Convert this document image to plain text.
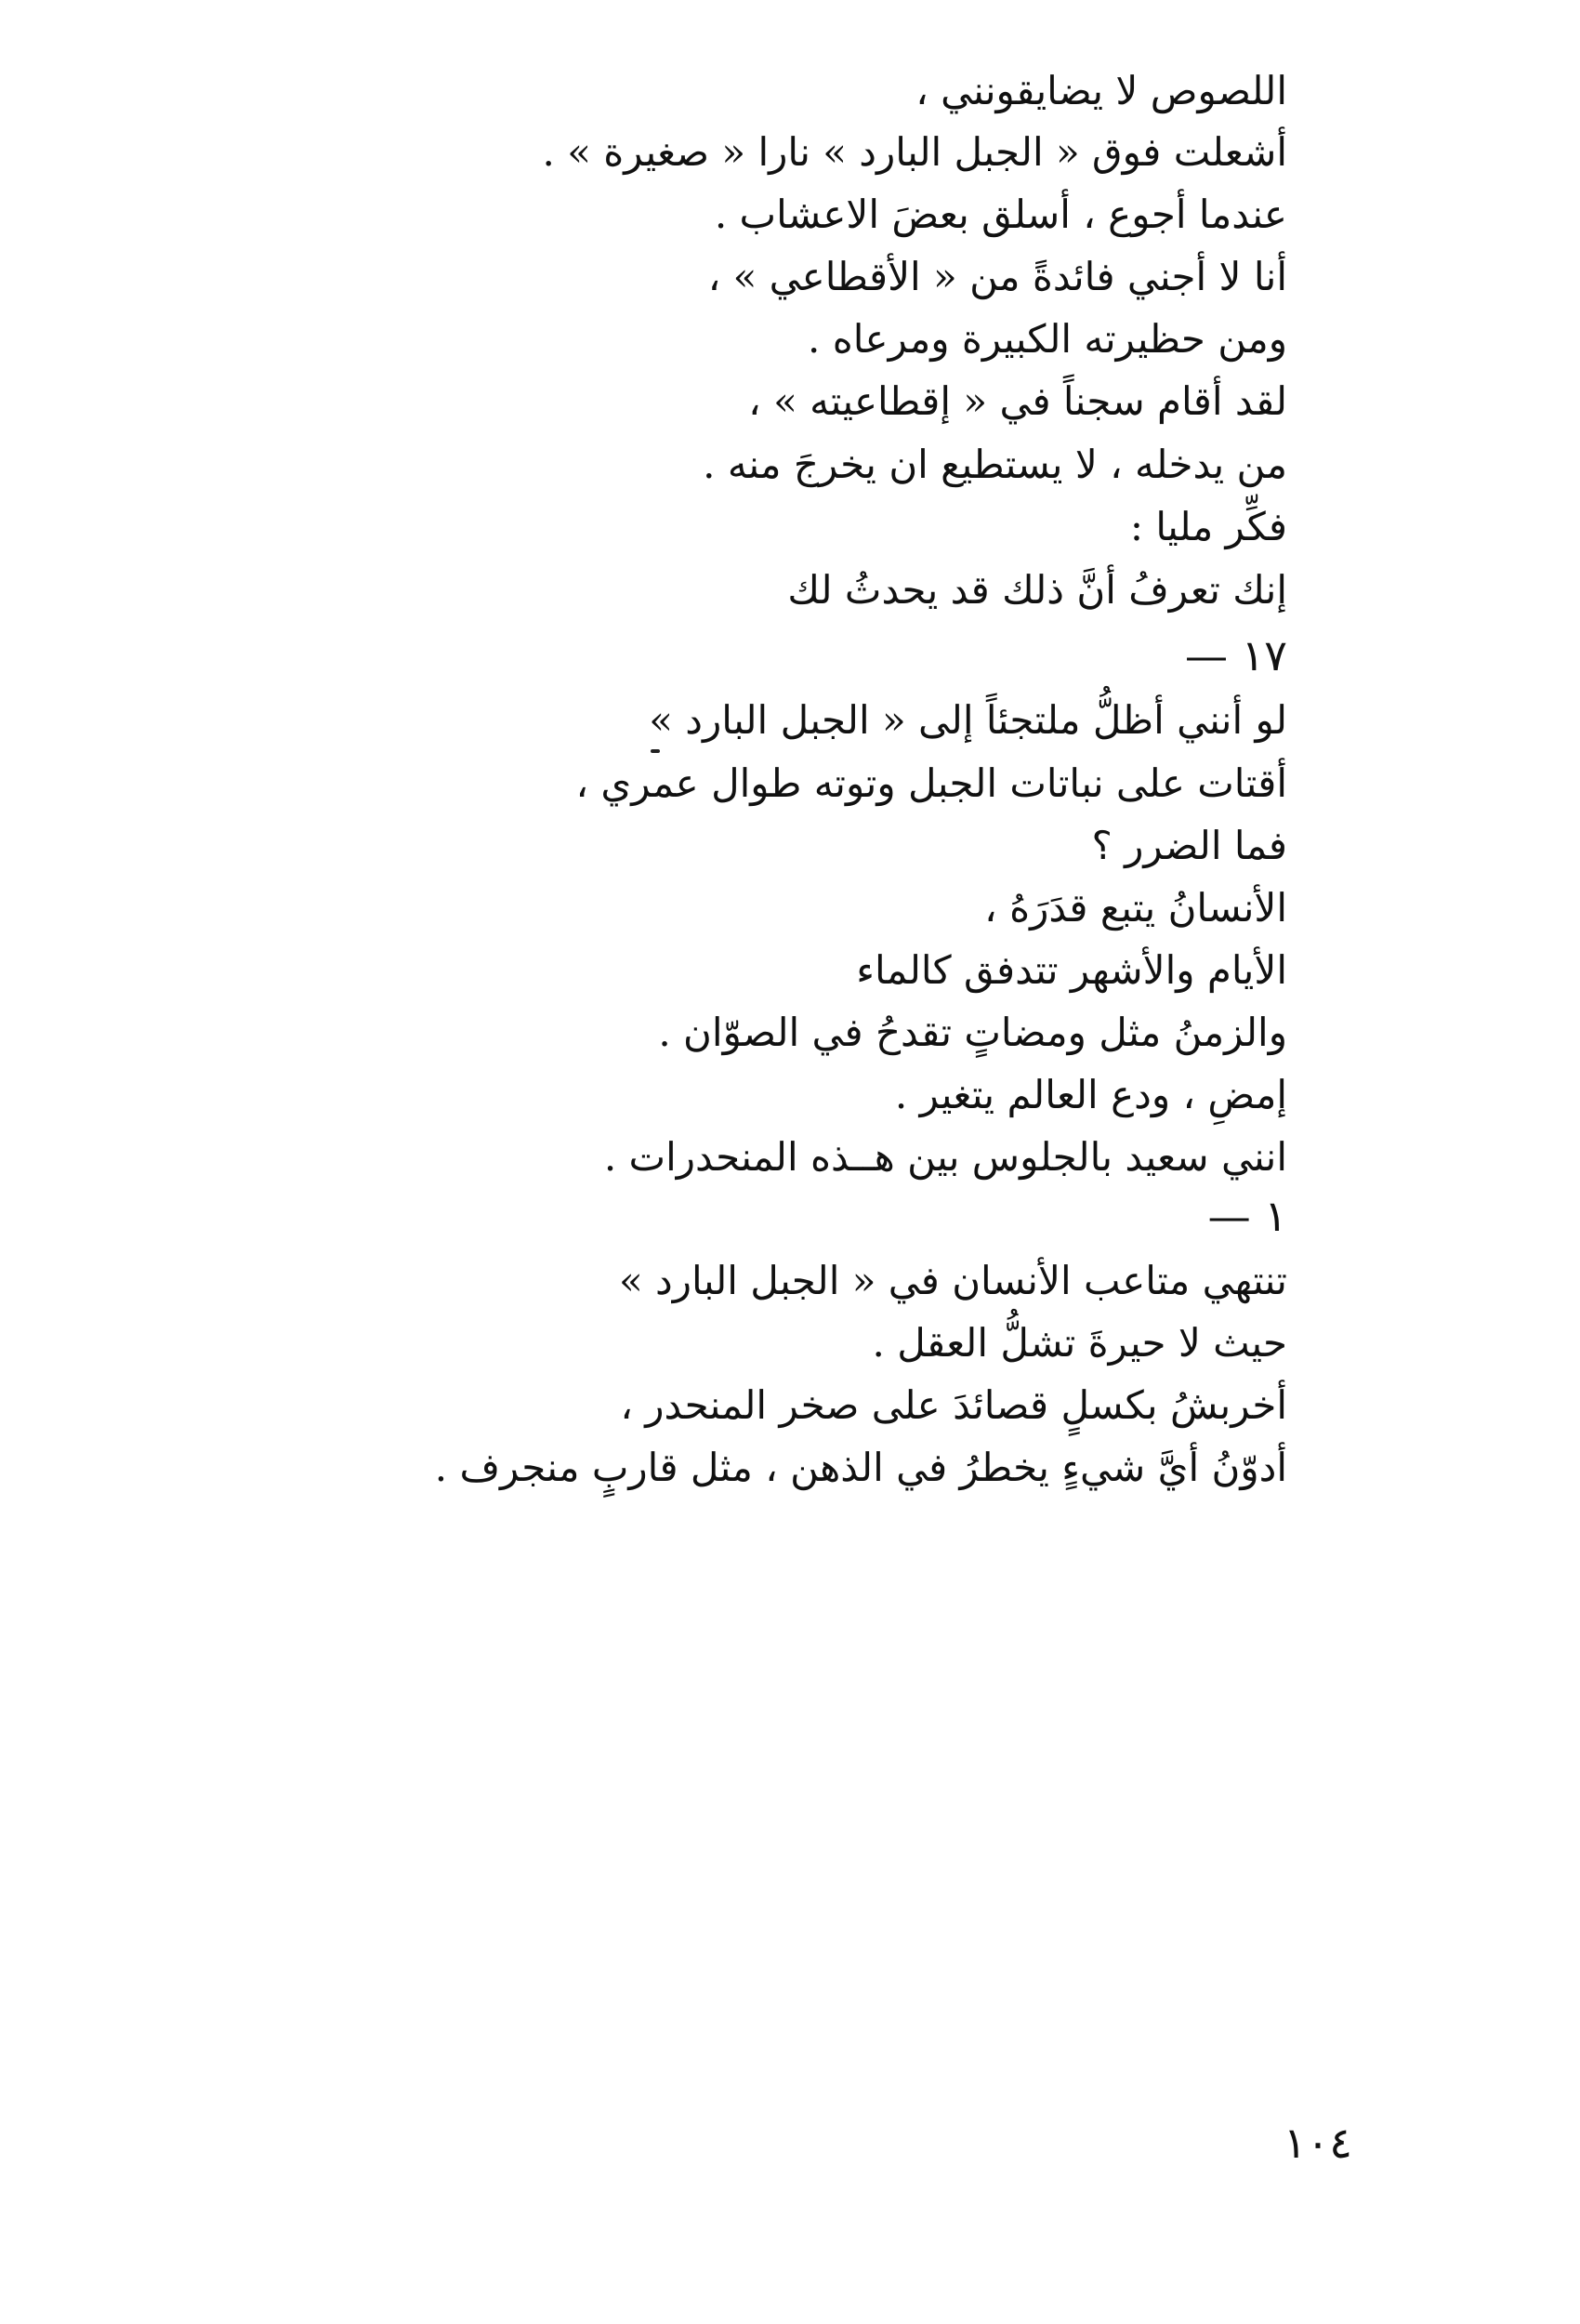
اللصوص لا يضايقونني ،
أشعلت فوق « الجبل البارد » نارا « صغيرة » .
عندما أجوع ، أسلق بعضَ الاعشاب .
أنا لا أجني فائدةً من « الأقطاعي » ،
ومن حظيرته الكبيرة ومرعاه .
لقد أقام سجناً في « إقطاعيته » ،
من يدخله ، لا يستطيع ان يخرجَ منه .
فكِّر مليا :
إنك تعرفُ أنَّ ذلك قد يحدثُ لك
١٧ —
لو أنني أظلُّ ملتجئاً إلى « الجبل البارد »
أقتات على نباتات الجبل وتوته طوال عمري ،
فما الضرر ؟
الأنسانُ يتبع قدَرَهُ ،
الأيام والأشهر تتدفق كالماء
والزمنُ مثل ومضاتٍ تقدحُ في الصوّان .
إمضِ ، ودع العالم يتغير .
انني سعيد بالجلوس بين هــذه المنحدرات .
١ —
تنتهي متاعب الأنسان في « الجبل البارد »
حيث لا حيرةَ تشلُّ العقل .
أخربشُ بكسلٍ قصائدَ على صخر المنحدر ،
أدوّنُ أيَّ شيءٍ يخطرُ في الذهن ، مثل قاربٍ منجرف .
١٠٤
